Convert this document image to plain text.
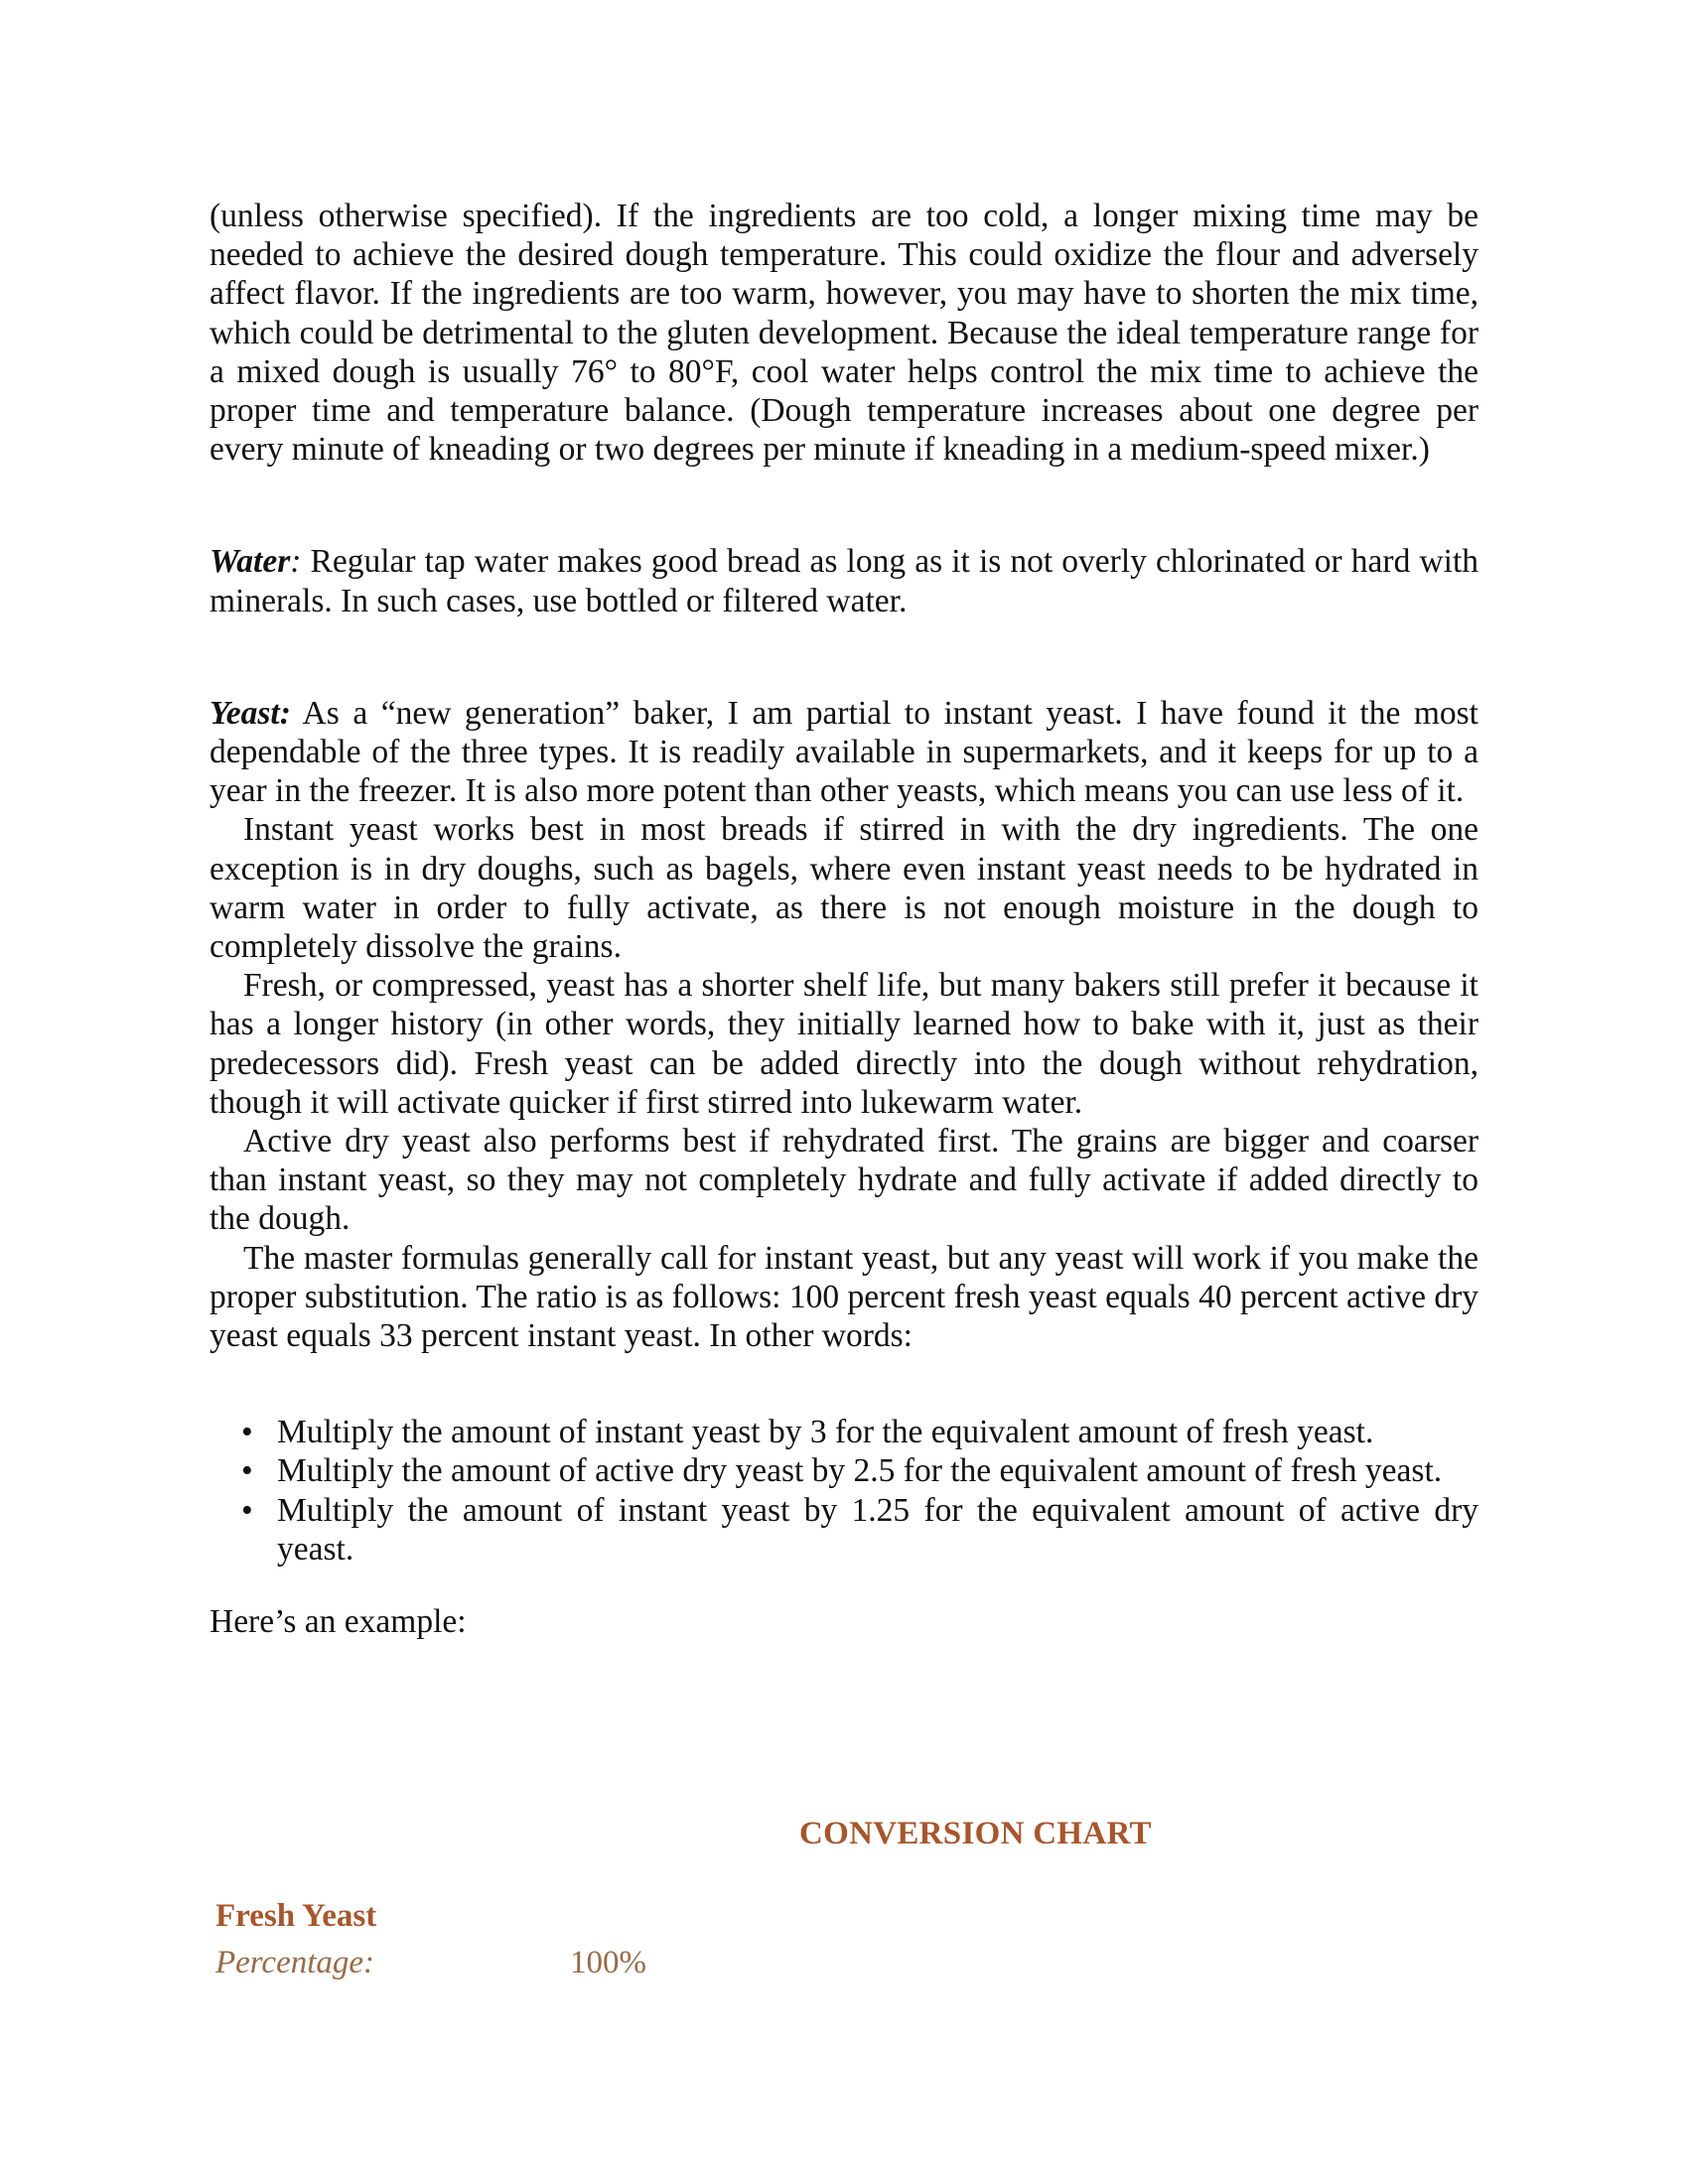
(unless otherwise specified). If the ingredients are too cold, a longer mixing time may be needed to achieve the desired dough temperature. This could oxidize the flour and adversely affect flavor. If the ingredients are too warm, however, you may have to shorten the mix time, which could be detrimental to the gluten development. Because the ideal temperature range for a mixed dough is usually 76° to 80°F, cool water helps control the mix time to achieve the proper time and temperature balance. (Dough temperature increases about one degree per every minute of kneading or two degrees per minute if kneading in a medium-speed mixer.)

Water: Regular tap water makes good bread as long as it is not overly chlorinated or hard with minerals. In such cases, use bottled or filtered water.

Yeast: As a “new generation” baker, I am partial to instant yeast. I have found it the most dependable of the three types. It is readily available in supermarkets, and it keeps for up to a year in the freezer. It is also more potent than other yeasts, which means you can use less of it.

Instant yeast works best in most breads if stirred in with the dry ingredients. The one exception is in dry doughs, such as bagels, where even instant yeast needs to be hydrated in warm water in order to fully activate, as there is not enough moisture in the dough to completely dissolve the grains.

Fresh, or compressed, yeast has a shorter shelf life, but many bakers still prefer it because it has a longer history (in other words, they initially learned how to bake with it, just as their predecessors did). Fresh yeast can be added directly into the dough without rehydration, though it will activate quicker if first stirred into lukewarm water.

Active dry yeast also performs best if rehydrated first. The grains are bigger and coarser than instant yeast, so they may not completely hydrate and fully activate if added directly to the dough.

The master formulas generally call for instant yeast, but any yeast will work if you make the proper substitution. The ratio is as follows: 100 percent fresh yeast equals 40 percent active dry yeast equals 33 percent instant yeast. In other words:

• Multiply the amount of instant yeast by 3 for the equivalent amount of fresh yeast.
• Multiply the amount of active dry yeast by 2.5 for the equivalent amount of fresh yeast.
• Multiply the amount of instant yeast by 1.25 for the equivalent amount of active dry yeast.

Here’s an example:

CONVERSION CHART
Fresh Yeast
Percentage:	100%
